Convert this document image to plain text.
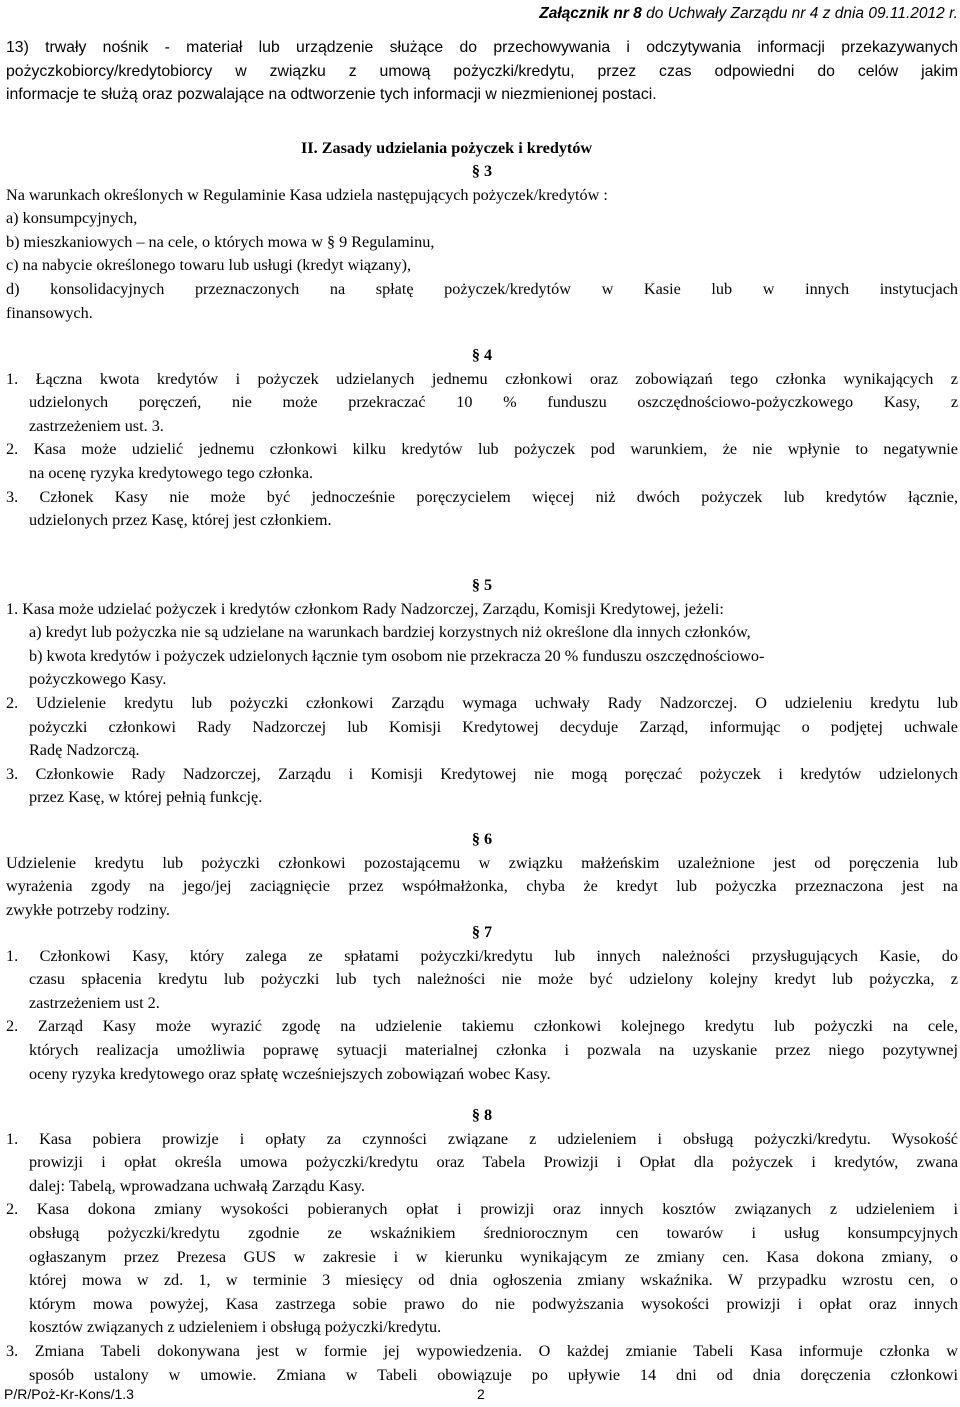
Załącznik nr 8 do Uchwały Zarządu nr 4 z dnia 09.11.2012 r.
13) trwały nośnik - materiał lub urządzenie służące do przechowywania i odczytywania informacji przekazywanych
pożyczkobiorcy/kredytobiorcy w związku z umową pożyczki/kredytu, przez czas odpowiedni do celów jakim
informacje te służą oraz pozwalające na odtworzenie tych informacji w niezmienionej postaci.
II. Zasady udzielania pożyczek i kredytów
§ 3
Na warunkach określonych w Regulaminie Kasa udziela następujących pożyczek/kredytów :
a) konsumpcyjnych,
b) mieszkaniowych – na cele, o których mowa w § 9 Regulaminu,
c) na nabycie określonego towaru lub usługi (kredyt wiązany),
d) konsolidacyjnych przeznaczonych na spłatę pożyczek/kredytów w Kasie lub w innych instytucjach
finansowych.
§ 4
1. Łączna kwota kredytów i pożyczek udzielanych jednemu członkowi oraz zobowiązań tego członka wynikających z
udzielonych poręczeń, nie może przekraczać 10 % funduszu oszczędnościowo-pożyczkowego Kasy, z
zastrzeżeniem ust. 3.
2. Kasa może udzielić jednemu członkowi kilku kredytów lub pożyczek pod warunkiem, że nie wpłynie to negatywnie
na ocenę ryzyka kredytowego tego członka.
3. Członek Kasy nie może być jednocześnie poręczycielem więcej niż dwóch pożyczek lub kredytów łącznie,
udzielonych przez Kasę, której jest członkiem.
§ 5
1. Kasa może udzielać pożyczek i kredytów członkom Rady Nadzorczej, Zarządu, Komisji Kredytowej, jeżeli:
a) kredyt lub pożyczka nie są udzielane na warunkach bardziej korzystnych niż określone dla innych członków,
b) kwota kredytów i pożyczek udzielonych łącznie tym osobom nie przekracza 20 % funduszu oszczędnościowo-
pożyczkowego Kasy.
2. Udzielenie kredytu lub pożyczki członkowi Zarządu wymaga uchwały Rady Nadzorczej. O udzieleniu kredytu lub
pożyczki członkowi Rady Nadzorczej lub Komisji Kredytowej decyduje Zarząd, informując o podjętej uchwale
Radę Nadzorczą.
3. Członkowie Rady Nadzorczej, Zarządu i Komisji Kredytowej nie mogą poręczać pożyczek i kredytów udzielonych
przez Kasę, w której pełnią funkcję.
§ 6
Udzielenie kredytu lub pożyczki członkowi pozostającemu w związku małżeńskim uzależnione jest od poręczenia lub
wyrażenia zgody na jego/jej zaciągnięcie przez współmałżonka, chyba że kredyt lub pożyczka przeznaczona jest na
zwykłe potrzeby rodziny.
§ 7
1. Członkowi Kasy, który zalega ze spłatami pożyczki/kredytu lub innych należności przysługujących Kasie, do
czasu spłacenia kredytu lub pożyczki lub tych należności nie może być udzielony kolejny kredyt lub pożyczka, z
zastrzeżeniem ust 2.
2. Zarząd Kasy może wyrazić zgodę na udzielenie takiemu członkowi kolejnego kredytu lub pożyczki na cele,
których realizacja umożliwia poprawę sytuacji materialnej członka i pozwala na uzyskanie przez niego pozytywnej
oceny ryzyka kredytowego oraz spłatę wcześniejszych zobowiązań wobec Kasy.
§ 8
1. Kasa pobiera prowizje i opłaty za czynności związane z udzieleniem i obsługą pożyczki/kredytu. Wysokość
prowizji i opłat określa umowa pożyczki/kredytu oraz Tabela Prowizji i Opłat dla pożyczek i kredytów, zwana
dalej: Tabelą, wprowadzana uchwałą Zarządu Kasy.
2. Kasa dokona zmiany wysokości pobieranych opłat i prowizji oraz innych kosztów związanych z udzieleniem i
obsługą pożyczki/kredytu zgodnie ze wskaźnikiem średniorocznym cen towarów i usług konsumpcyjnych
ogłaszanym przez Prezesa GUS w zakresie i w kierunku wynikającym ze zmiany cen. Kasa dokona zmiany, o
której mowa w zd. 1, w terminie 3 miesięcy od dnia ogłoszenia zmiany wskaźnika. W przypadku wzrostu cen, o
którym mowa powyżej, Kasa zastrzega sobie prawo do nie podwyższania wysokości prowizji i opłat oraz innych
kosztów związanych z udzieleniem i obsługą pożyczki/kredytu.
3. Zmiana Tabeli dokonywana jest w formie jej wypowiedzenia. O każdej zmianie Tabeli Kasa informuje członka w
sposób ustalony w umowie. Zmiana w Tabeli obowiązuje po upływie 14 dni od dnia doręczenia członkowi
P/R/Poż-Kr-Kons/1.3	2
